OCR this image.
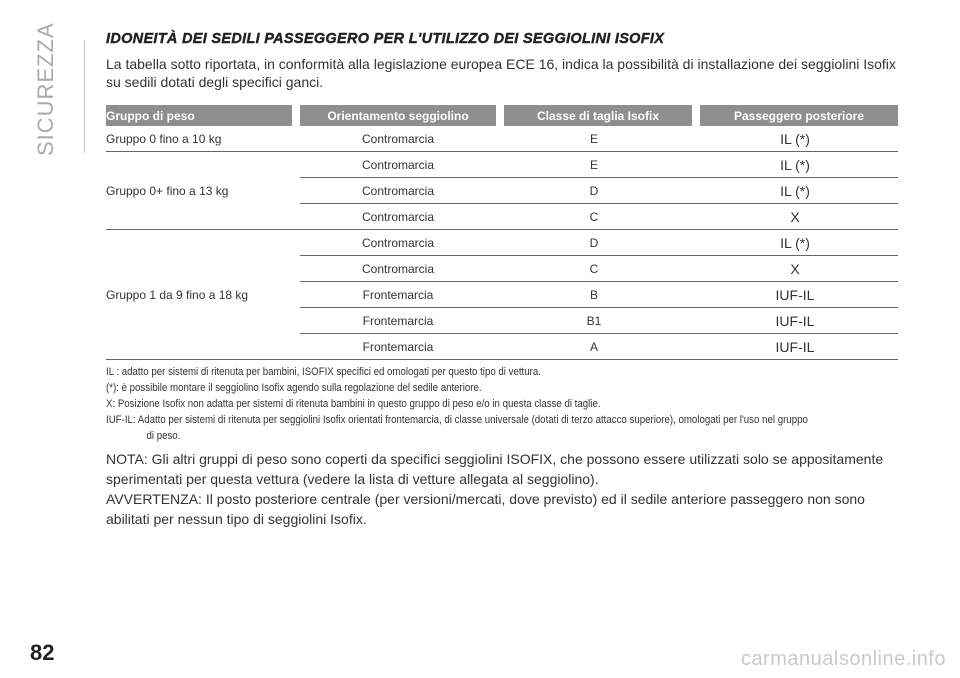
SICUREZZA	IDONEITÀ DEI SEDILI PASSEGGERO PER L'UTILIZZO DEI SEGGIOLINI ISOFIX
La tabella sotto riportata, in conformità alla legislazione europea ECE 16, indica la possibilità di installazione dei seggiolini Isofix su sedili dotati degli specifici ganci.
Gruppo di peso	Orientamento seggiolino	Classe di taglia Isofix	Passeggero posteriore
Gruppo 0 fino a 10 kg	Contromarcia	E	IL (*)
Gruppo 0+ fino a 13 kg
Contromarcia	E	IL (*)
Contromarcia	D	IL (*)
Contromarcia	C	X
Gruppo 1 da 9 fino a 18 kg
Contromarcia	D	IL (*)
Contromarcia	C	X
Frontemarcia	B	IUF-IL
Frontemarcia	B1	IUF-IL
Frontemarcia	A	IUF-IL
IL : adatto per sistemi di ritenuta per bambini, ISOFIX specifici ed omologati per questo tipo di vettura.
(*): è possibile montare il seggiolino Isofix agendo sulla regolazione del sedile anteriore.
X: Posizione Isofix non adatta per sistemi di ritenuta bambini in questo gruppo di peso e/o in questa classe di taglie.
IUF-IL: Adatto per sistemi di ritenuta per seggiolini Isofix orientati frontemarcia, di classe universale (dotati di terzo attacco superiore), omologati per l'uso nel gruppo
di peso.
NOTA: Gli altri gruppi di peso sono coperti da specifici seggiolini ISOFIX, che possono essere utilizzati solo se appositamente sperimentati per questa vettura (vedere la lista di vetture allegata al seggiolino).
AVVERTENZA: Il posto posteriore centrale (per versioni/mercati, dove previsto) ed il sedile anteriore passeggero non sono abilitati per nessun tipo di seggiolini Isofix.
82	carmanualsonline.info
